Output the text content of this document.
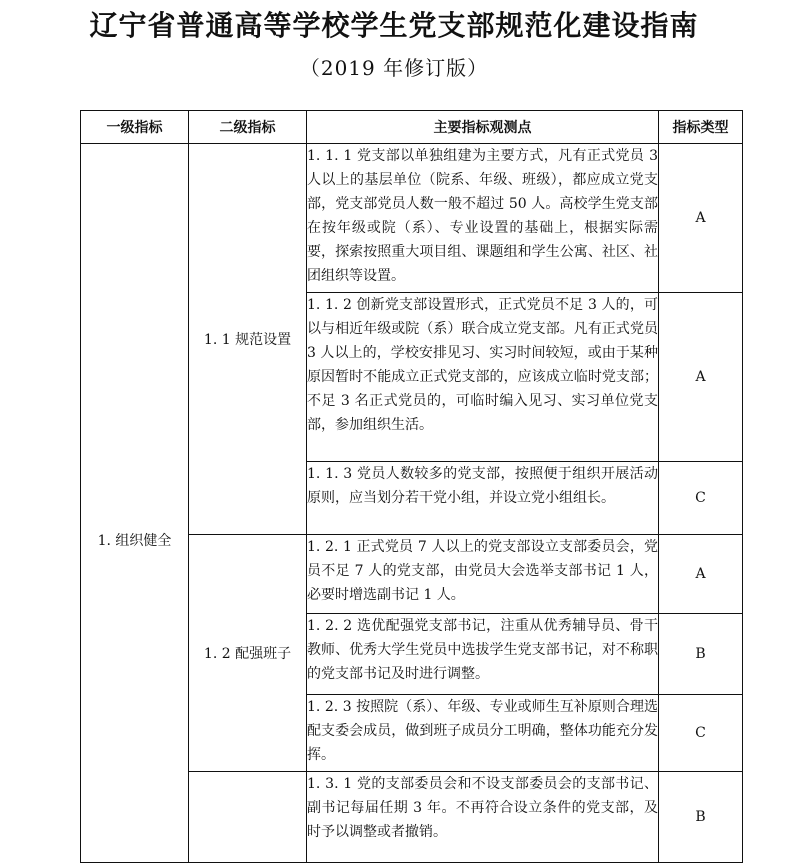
辽宁省普通高等学校学生党支部规范化建设指南
（2019 年修订版）
一级指标	二级指标	主要指标观测点	指标类型

1. 组织健全	1. 1 规范设置	1. 1. 1 党支部以单独组建为主要方式，凡有正式党员 3 人以上的基层单位（院系、年级、班级），都应成立党支部，党支部党员人数一般不超过 50 人。高校学生党支部在按年级或院（系）、专业设置的基础上，根据实际需要，探索按照重大项目组、课题组和学生公寓、社区、社团组织等设置。	A
		1. 1. 2 创新党支部设置形式，正式党员不足 3 人的，可以与相近年级或院（系）联合成立党支部。凡有正式党员 3 人以上的，学校安排见习、实习时间较短，或由于某种原因暂时不能成立正式党支部的，应该成立临时党支部；不足 3 名正式党员的，可临时编入见习、实习单位党支部，参加组织生活。	A
		1. 1. 3 党员人数较多的党支部，按照便于组织开展活动原则，应当划分若干党小组，并设立党小组组长。	C
	1. 2 配强班子	1. 2. 1 正式党员 7 人以上的党支部设立支部委员会，党员不足 7 人的党支部，由党员大会选举支部书记 1 人，必要时增选副书记 1 人。	A
		1. 2. 2 选优配强党支部书记，注重从优秀辅导员、骨干教师、优秀大学生党员中选拔学生党支部书记，对不称职的党支部书记及时进行调整。	B
		1. 2. 3 按照院（系）、年级、专业或师生互补原则合理选配支委会成员，做到班子成员分工明确，整体功能充分发挥。	C
		1. 3. 1 党的支部委员会和不设支部委员会的支部书记、副书记每届任期 3 年。不再符合设立条件的党支部，及时予以调整或者撤销。	B
